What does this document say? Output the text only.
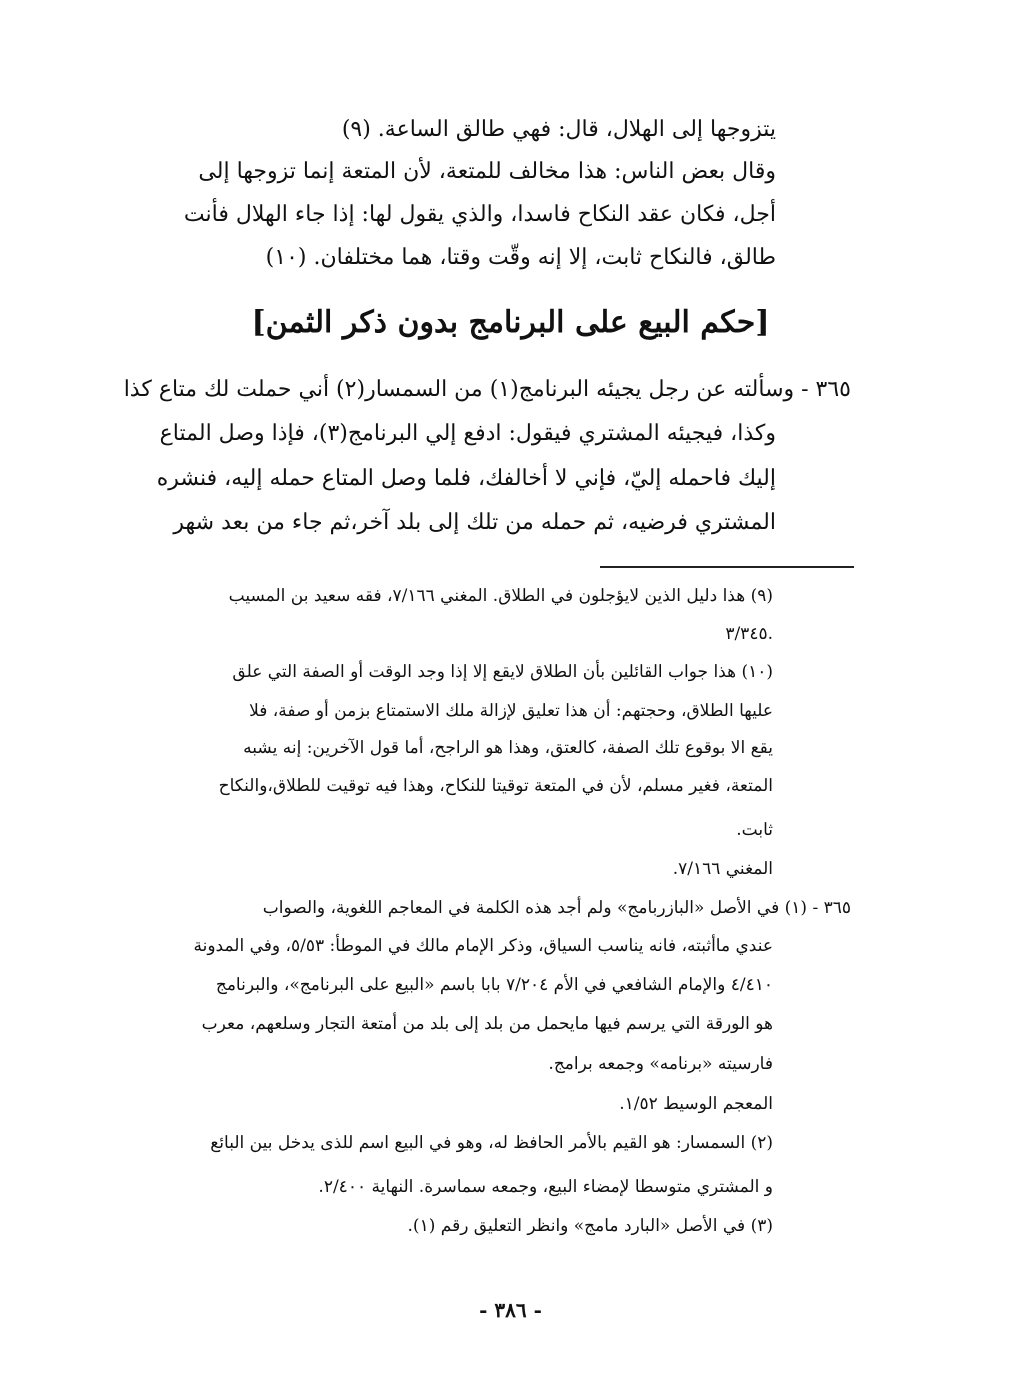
يتزوجها إلى الهلال، قال: فهي طالق الساعة. (٩)
وقال بعض الناس: هذا مخالف للمتعة، لأن المتعة إنما تزوجها إلى
أجل، فكان عقد النكاح فاسدا، والذي يقول لها: إذا جاء الهلال فأنت
طالق، فالنكاح ثابت، إلا إنه وقّت وقتا، هما مختلفان. (١٠)
[حكم البيع على البرنامج بدون ذكر الثمن]
٣٦٥ - وسألته عن رجل يجيئه البرنامج(١) من السمسار(٢) أني حملت لك متاع كذا
وكذا، فيجيئه المشتري فيقول: ادفع إلي البرنامج(٣)، فإذا وصل المتاع
إليك فاحمله إليّ، فإني لا أخالفك، فلما وصل المتاع حمله إليه، فنشره
المشتري فرضيه، ثم حمله من تلك إلى بلد آخر،ثم جاء من بعد شهر
(٩) هذا دليل الذين لايؤجلون في الطلاق. المغني ٧/١٦٦، فقه سعيد بن المسيب
٣/٣٤٥.
(١٠) هذا جواب القائلين بأن الطلاق لايقع إلا إذا وجد الوقت أو الصفة التي علق
عليها الطلاق، وحجتهم: أن هذا تعليق لإزالة ملك الاستمتاع بزمن أو صفة، فلا
يقع الا بوقوع تلك الصفة، كالعتق، وهذا هو الراجح، أما قول الآخرين: إنه يشبه
المتعة، فغير مسلم، لأن في المتعة توقيتا للنكاح، وهذا فيه توقيت للطلاق،والنكاح
ثابت.
المغني ٧/١٦٦.
٣٦٥ - (١) في الأصل «البازربامج» ولم أجد هذه الكلمة في المعاجم اللغوية، والصواب
عندي ماأثبته، فانه يناسب السياق، وذكر الإمام مالك في الموطأ: ٥/٥٣، وفي المدونة
٤/٤١٠ والإمام الشافعي في الأم ٧/٢٠٤ بابا باسم «البيع على البرنامج»، والبرنامج
هو الورقة التي يرسم فيها مايحمل من بلد إلى بلد من أمتعة التجار وسلعهم، معرب
فارسيته «برنامه» وجمعه برامج.
المعجم الوسيط ١/٥٢.
(٢) السمسار: هو القيم بالأمر الحافظ له، وهو في البيع اسم للذى يدخل بين البائع
و المشتري متوسطا لإمضاء البيع، وجمعه سماسرة. النهاية ٢/٤٠٠.
(٣) في الأصل «البارد مامج» وانظر التعليق رقم (١).
- ٣٨٦ -
